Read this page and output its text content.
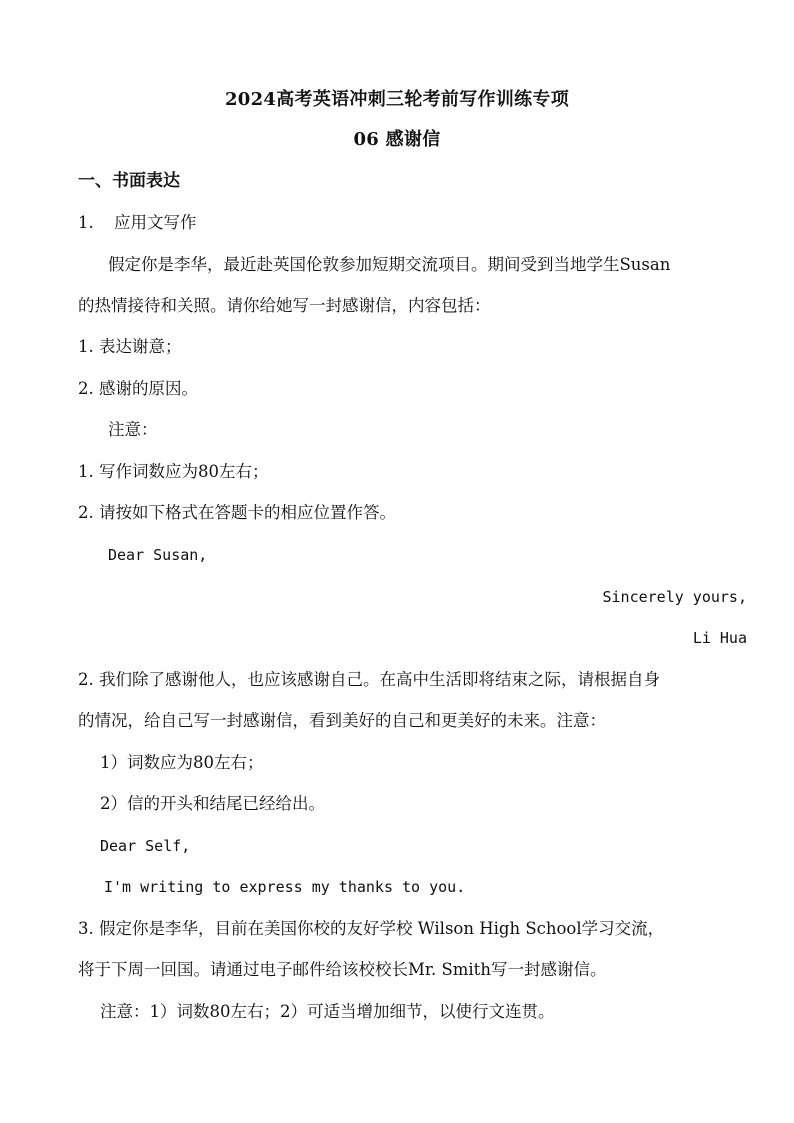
2024高考英语冲刺三轮考前写作训练专项
06 感谢信
一、书面表达
1. 应用文写作
假定你是李华，最近赴英国伦敦参加短期交流项目。期间受到当地学生Susan
的热情接待和关照。请你给她写一封感谢信，内容包括：
1. 表达谢意；
2. 感谢的原因。
注意：
1. 写作词数应为80左右；
2. 请按如下格式在答题卡的相应位置作答。
Dear Susan,
Sincerely yours,
Li Hua
2. 我们除了感谢他人，也应该感谢自己。在高中生活即将结束之际，请根据自身
的情况，给自己写一封感谢信，看到美好的自己和更美好的未来。注意：
1）词数应为80左右；
2）信的开头和结尾已经给出。
Dear Self,
I'm writing to express my thanks to you.
3. 假定你是李华，目前在美国你校的友好学校 Wilson High School学习交流，
将于下周一回国。请通过电子邮件给该校校长Mr. Smith写一封感谢信。
注意：1）词数80左右；2）可适当增加细节，以使行文连贯。
